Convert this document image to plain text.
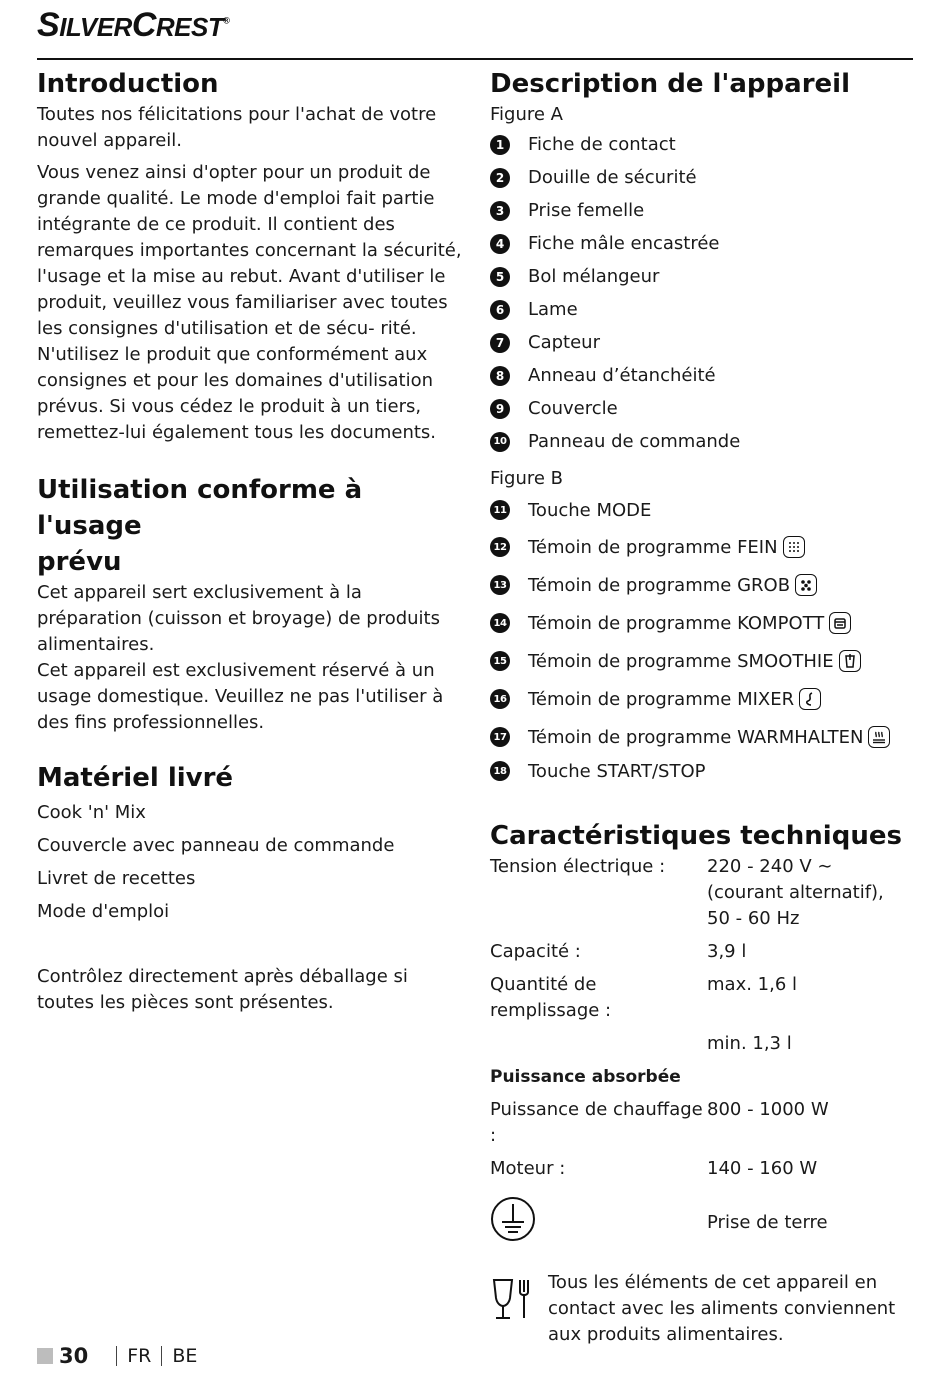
SILVERCREST®
Introduction

Toutes nos félicitations pour l'achat de votre nouvel appareil.

Vous venez ainsi d'opter pour un produit de grande qualité. Le mode d'emploi fait partie intégrante de ce produit. Il contient des remarques importantes concernant la sécurité, l'usage et la mise au rebut. Avant d'utiliser le produit, veuillez vous familiariser avec toutes les consignes d'utilisation et de sécu- rité. N'utilisez le produit que conformément aux consignes et pour les domaines d'utilisation prévus. Si vous cédez le produit à un tiers, remettez-lui également tous les documents.

Utilisation conforme à l'usage
prévu

Cet appareil sert exclusivement à la préparation (cuisson et broyage) de produits alimentaires.

Cet appareil est exclusivement réservé à un usage domestique. Veuillez ne pas l'utiliser à des fins professionnelles.

Matériel livré
Cook 'n' Mix
Couvercle avec panneau de commande
Livret de recettes
Mode d'emploi

Contrôlez directement après déballage si toutes les pièces sont présentes.

Description de l'appareil

Figure A

1	Fiche de contact
2	Douille de sécurité
3	Prise femelle
4	Fiche mâle encastrée
5	Bol mélangeur
6	Lame
7	Capteur
8	Anneau d’étanchéité
9	Couvercle
10 Panneau de commande

Figure B

11 Touche MODE
12 Témoin de programme FEIN
13 Témoin de programme GROB
14 Témoin de programme KOMPOTT
15 Témoin de programme SMOOTHIE
16 Témoin de programme MIXER
17 Témoin de programme WARMHALTEN
18 Touche START/STOP
Caractéristiques techniques
Tension électrique :	220 - 240 V ∼
(courant alternatif),
50 - 60 Hz
Capacité :	3,9 l
Quantité de remplissage :
max. 1,6 l
min. 1,3 l
Puissance absorbée
Puissance de chauffage :
800 - 1000 W
Moteur :	140 - 160 W
Prise de terre

Tous les éléments de cet appareil en contact avec les aliments conviennent aux produits alimentaires.

30 FR BE
